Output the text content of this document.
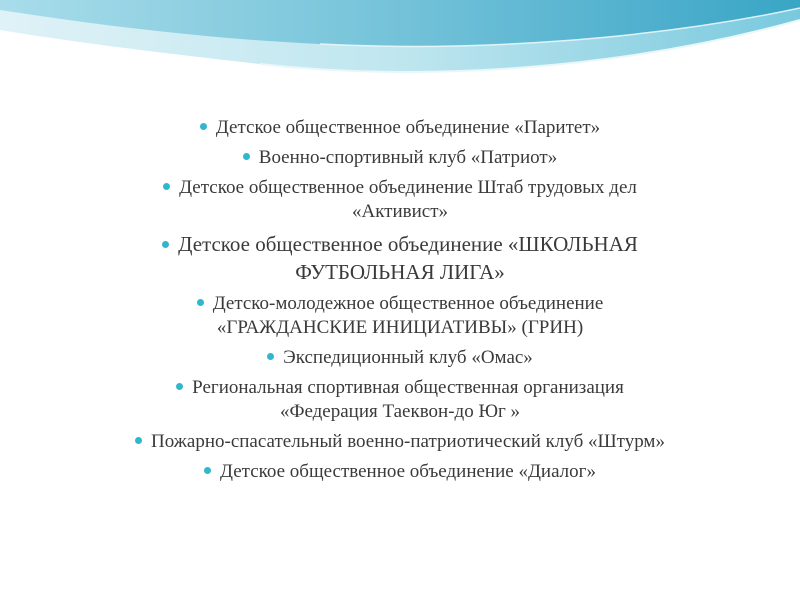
Детское общественное объединение «Паритет»
Военно-спортивный клуб «Патриот»
Детское общественное объединение Штаб трудовых дел
«Активист»
Детское общественное объединение «ШКОЛЬНАЯ
ФУТБОЛЬНАЯ ЛИГА»
Детско-молодежное общественное объединение
«ГРАЖДАНСКИЕ ИНИЦИАТИВЫ» (ГРИН)
Экспедиционный клуб «Омас»
Региональная спортивная общественная организация
«Федерация Таеквон-до Юг »
Пожарно-спасательный военно-патриотический клуб «Штурм»
Детское общественное объединение «Диалог»
